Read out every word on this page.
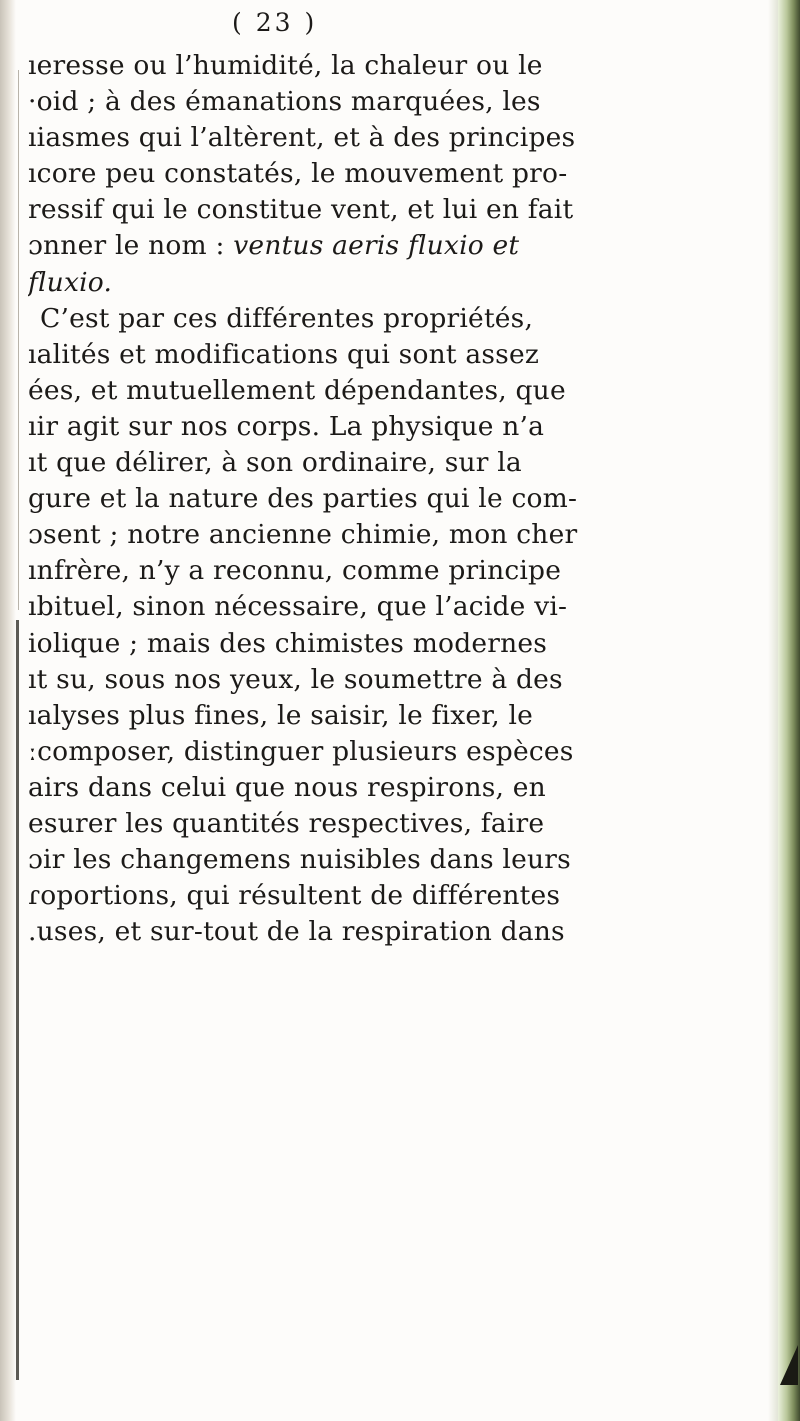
( 23 )
ıeresse ou l’humidité, la chaleur ou le
·oid ; à des émanations marquées, les
ıiasmes qui l’altèrent, et à des principes
ıcore peu constatés, le mouvement pro-
ressif qui le constitue vent, et lui en fait
ɔnner le nom : ventus aeris fluxio et
fluxio.
C’est par ces différentes propriétés,
ıalités et modifications qui sont assez
ées, et mutuellement dépendantes, que
ıir agit sur nos corps. La physique n’a
ıt que délirer, à son ordinaire, sur la
gure et la nature des parties qui le com-
ɔsent ; notre ancienne chimie, mon cher
ınfrère, n’y a reconnu, comme principe
ıbituel, sinon nécessaire, que l’acide vi-
iolique ; mais des chimistes modernes
ıt su, sous nos yeux, le soumettre à des
ıalyses plus fines, le saisir, le fixer, le
ːcomposer, distinguer plusieurs espèces
airs dans celui que nous respirons, en
esurer les quantités respectives, faire
ɔir les changemens nuisibles dans leurs
ɾoportions, qui résultent de différentes
.uses, et sur-tout de la respiration dans
